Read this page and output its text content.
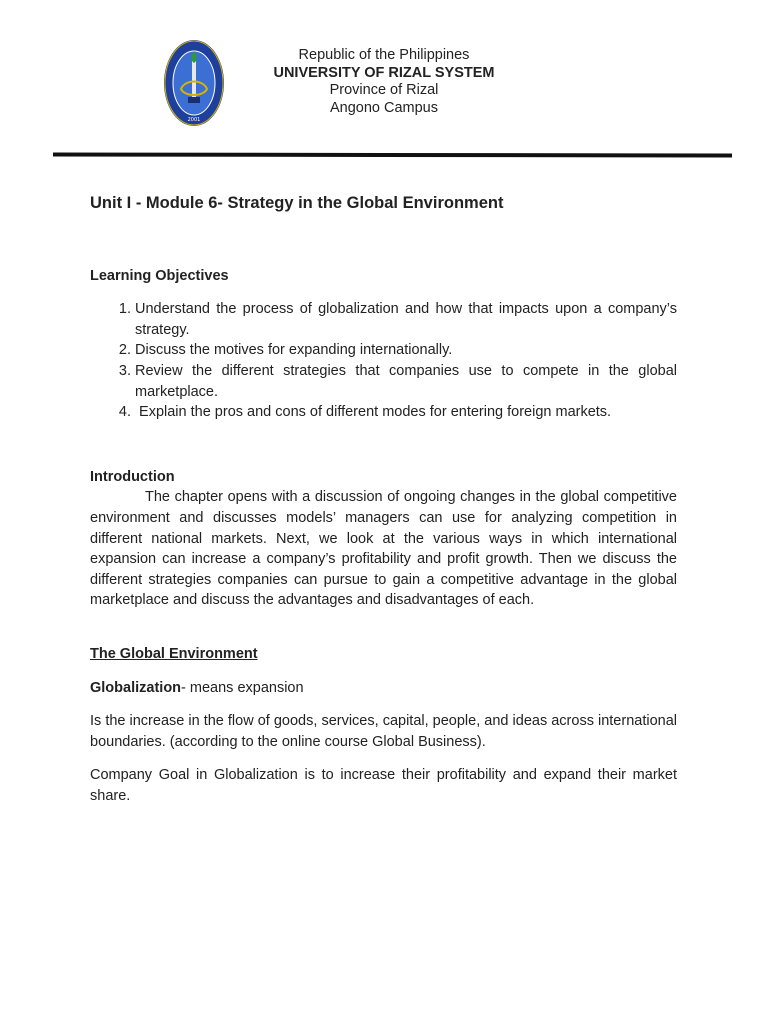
2001
Republic of the Philippines
UNIVERSITY OF RIZAL SYSTEM
Province of Rizal
Angono Campus
Unit I - Module 6- Strategy in the Global Environment
Learning Objectives
1. Understand the process of globalization and how that impacts upon a company’s strategy.
2. Discuss the motives for expanding internationally.
3. Review the different strategies that companies use to compete in the global marketplace.
4.  Explain the pros and cons of different modes for entering foreign markets.
Introduction

The chapter opens with a discussion of ongoing changes in the global competitive environment and discusses models’ managers can use for analyzing competition in different national markets. Next, we look at the various ways in which international expansion can increase a company’s profitability and profit growth. Then we discuss the different strategies companies can pursue to gain a competitive advantage in the global marketplace and discuss the advantages and disadvantages of each.

The Global Environment

Globalization- means expansion

Is the increase in the flow of goods, services, capital, people, and ideas across international boundaries. (according to the online course Global Business).

Company Goal in Globalization is to increase their profitability and expand their market share.
